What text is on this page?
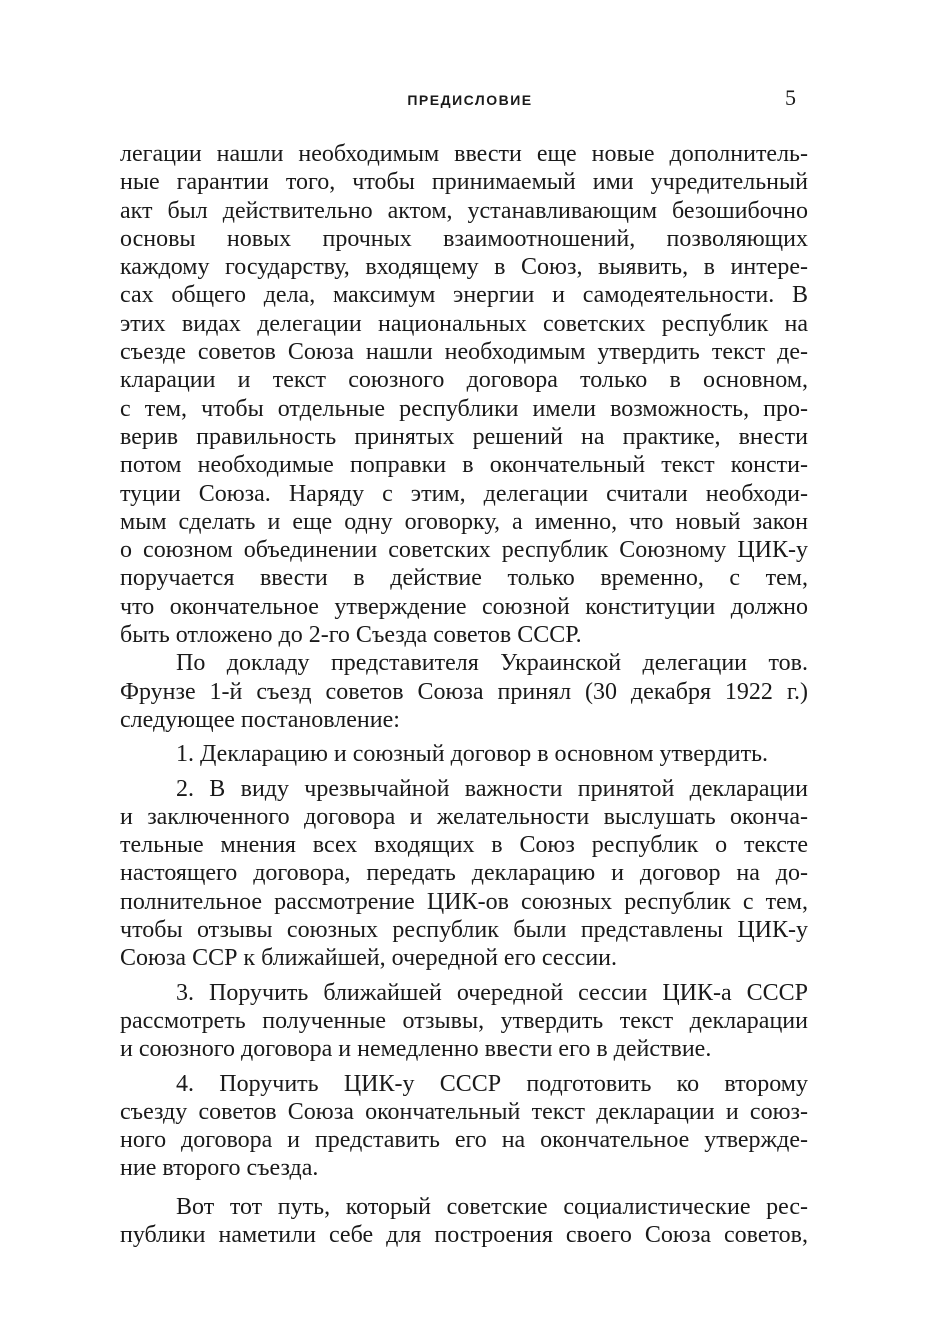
ПРЕДИСЛОВИЕ	5
легации нашли необходимым ввести еще новые дополнитель-
ные гарантии того, чтобы принимаемый ими учредительный
акт был действительно актом, устанавливающим безошибочно
основы новых прочных взаимоотношений, позволяющих
каждому государству, входящему в Союз, выявить, в интере-
сах общего дела, максимум энергии и самодеятельности. В
этих видах делегации национальных советских республик на
съезде советов Союза нашли необходимым утвердить текст де-
кларации и текст союзного договора только в основном,
с тем, чтобы отдельные республики имели возможность, про-
верив правильность принятых решений на практике, внести
потом необходимые поправки в окончательный текст консти-
туции Союза. Наряду с этим, делегации считали необходи-
мым сделать и еще одну оговорку, а именно, что новый закон
о союзном объединении советских республик Союзному ЦИК-у
поручается ввести в действие только временно, с тем,
что окончательное утверждение союзной конституции должно
быть отложено до 2-го Съезда советов СССР.
По докладу представителя Украинской делегации тов.
Фрунзе 1-й съезд советов Союза принял (30 декабря 1922 г.)
следующее постановление:
1. Декларацию и союзный договор в основном утвердить.
2. В виду чрезвычайной важности принятой декларации
и заключенного договора и желательности выслушать оконча-
тельные мнения всех входящих в Союз республик о тексте
настоящего договора, передать декларацию и договор на до-
полнительное рассмотрение ЦИК-ов союзных республик с тем,
чтобы отзывы союзных республик были представлены ЦИК-у
Союза ССР к ближайшей, очередной его сессии.
3. Поручить ближайшей очередной сессии ЦИК-а СССР
рассмотреть полученные отзывы, утвердить текст декларации
и союзного договора и немедленно ввести его в действие.
4. Поручить ЦИК-у СССР подготовить ко второму
съезду советов Союза окончательный текст декларации и союз-
ного договора и представить его на окончательное утвержде-
ние второго съезда.
Вот тот путь, который советские социалистические рес-
публики наметили себе для построения своего Союза советов,
